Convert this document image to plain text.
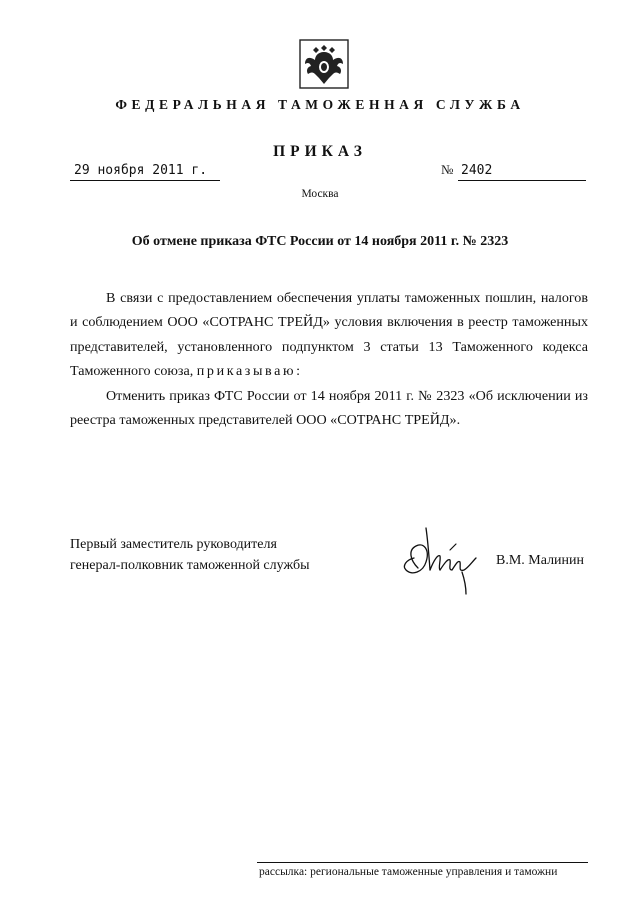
ФЕДЕРАЛЬНАЯ ТАМОЖЕННАЯ СЛУЖБА
ПРИКАЗ
29 ноября 2011 г.	№ 2402
Москва
Об отмене приказа ФТС России от 14 ноября 2011 г. № 2323

В связи с предоставлением обеспечения уплаты таможенных пошлин, налогов и соблюдением ООО «СОТРАНС ТРЕЙД» условия включения в реестр таможенных представителей, установленного подпунктом 3 статьи 13 Таможенного кодекса Таможенного союза, приказываю:

Отменить приказ ФТС России от 14 ноября 2011 г. № 2323 «Об исключении из реестра таможенных представителей ООО «СОТРАНС ТРЕЙД».

Первый заместитель руководителя
генерал-полковник таможенной службы	В.М. Малинин
рассылка: региональные таможенные управления и таможни
